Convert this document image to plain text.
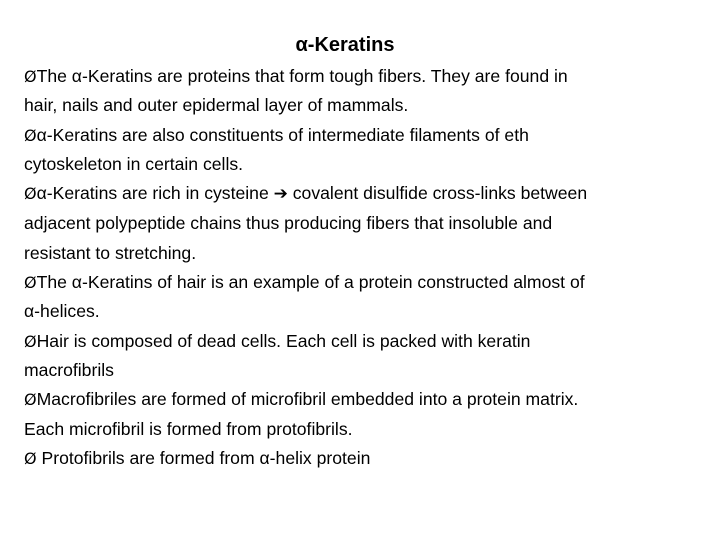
α-Keratins
ØThe α-Keratins are proteins that form tough fibers. They are found in
hair, nails and outer epidermal layer of mammals.
Øα-Keratins are also constituents of intermediate filaments of eth
cytoskeleton in certain cells.
Øα-Keratins are rich in cysteine ➔ covalent disulfide cross-links between
adjacent polypeptide chains thus producing fibers that insoluble and
resistant to stretching.
ØThe α-Keratins of hair is an example of a protein constructed almost of
α-helices.
ØHair is composed of dead cells. Each cell is packed with keratin
macrofibrils
ØMacrofibriles are formed of microfibril embedded into a protein matrix.
Each microfibril is formed from protofibrils.
Ø Protofibrils are formed from α-helix protein
